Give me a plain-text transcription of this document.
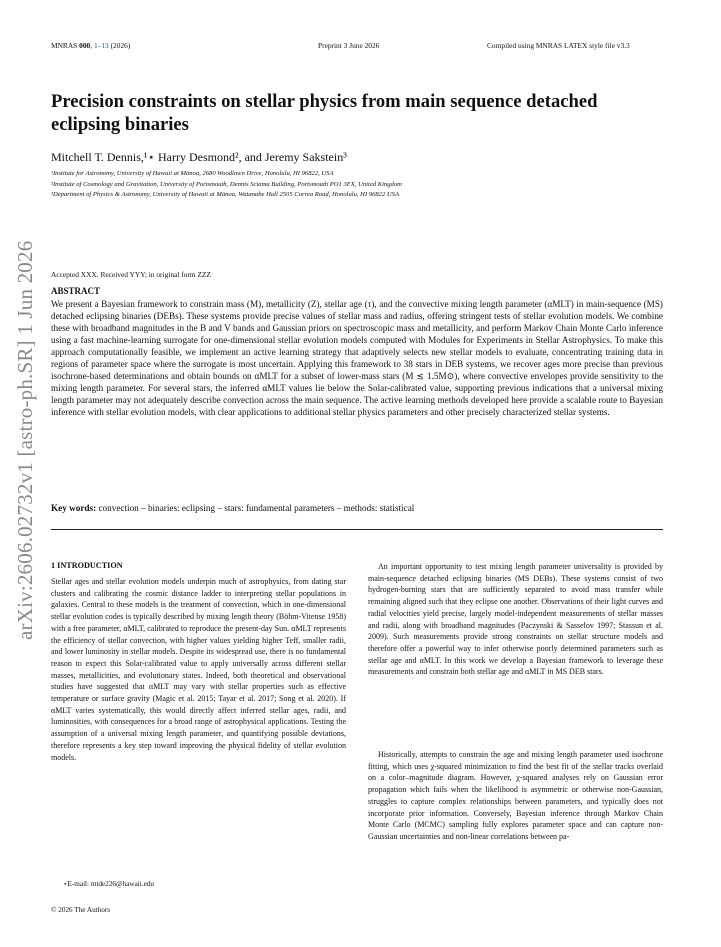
MNRAS 000, 1–13 (2026)	Preprint 3 June 2026	Compiled using MNRAS LATEX style file v3.3
Precision constraints on stellar physics from main sequence detached eclipsing binaries
Mitchell T. Dennis,¹⋆ Harry Desmond², and Jeremy Sakstein³
¹Institute for Astronomy, University of Hawaii at Mānoa, 2680 Woodlawn Drive, Honolulu, HI 96822, USA
²Institute of Cosmology and Gravitation, University of Portsmouth, Dennis Sciama Building, Portsmouth PO1 3FX, United Kingdom
³Department of Physics & Astronomy, University of Hawaii at Mānoa, Watanabe Hall 2505 Correa Road, Honolulu, HI 96822 USA
arXiv:2606.02732v1 [astro-ph.SR] 1 Jun 2026	Accepted XXX. Received YYY; in original form ZZZ
ABSTRACT
We present a Bayesian framework to constrain mass (M), metallicity (Z), stellar age (τ), and the convective mixing length parameter (αMLT) in main-sequence (MS) detached eclipsing binaries (DEBs). These systems provide precise values of stellar mass and radius, offering stringent tests of stellar evolution models. We combine these with broadband magnitudes in the B and V bands and Gaussian priors on spectroscopic mass and metallicity, and perform Markov Chain Monte Carlo inference using a fast machine-learning surrogate for one-dimensional stellar evolution models computed with Modules for Experiments in Stellar Astrophysics. To make this approach computationally feasible, we implement an active learning strategy that adaptively selects new stellar models to evaluate, concentrating training data in regions of parameter space where the surrogate is most uncertain. Applying this framework to 38 stars in DEB systems, we recover ages more precise than previous isochrone-based determinations and obtain bounds on αMLT for a subset of lower-mass stars (M ≲ 1.5M⊙), where convective envelopes provide sensitivity to the mixing length parameter. For several stars, the inferred αMLT values lie below the Solar-calibrated value, supporting previous indications that a universal mixing length parameter may not adequately describe convection across the main sequence. The active learning methods developed here provide a scalable route to Bayesian inference with stellar evolution models, with clear applications to additional stellar physics parameters and other precisely characterized stellar systems.
Key words: convection – binaries: eclipsing – stars: fundamental parameters – methods: statistical
1 INTRODUCTION
Stellar ages and stellar evolution models underpin much of astrophysics, from dating star clusters and calibrating the cosmic distance ladder to interpreting stellar populations in galaxies. Central to these models is the treatment of convection, which in one-dimensional stellar evolution codes is typically described by mixing length theory (Böhm-Vitense 1958) with a free parameter, αMLT, calibrated to reproduce the present-day Sun. αMLT represents the efficiency of stellar convection, with higher values yielding higher Teff, smaller radii, and lower luminosity in stellar models. Despite its widespread use, there is no fundamental reason to expect this Solar-calibrated value to apply universally across different stellar masses, metallicities, and evolutionary states. Indeed, both theoretical and observational studies have suggested that αMLT may vary with stellar properties such as effective temperature or surface gravity (Magic et al. 2015; Tayar et al. 2017; Song et al. 2020). If αMLT varies systematically, this would directly affect inferred stellar ages, radii, and luminosities, with consequences for a broad range of astrophysical applications. Testing the assumption of a universal mixing length parameter, and quantifying possible deviations, therefore represents a key step toward improving the physical fidelity of stellar evolution models.
An important opportunity to test mixing length parameter universality is provided by main-sequence detached eclipsing binaries (MS DEBs). These systems consist of two hydrogen-burning stars that are sufficiently separated to avoid mass transfer while remaining aligned such that they eclipse one another. Observations of their light curves and radial velocities yield precise, largely model-independent measurements of stellar masses and radii, along with broadband magnitudes (Paczynski & Sasselov 1997; Stassun et al. 2009). Such measurements provide strong constraints on stellar structure models and therefore offer a powerful way to infer otherwise poorly determined parameters such as stellar age and αMLT. In this work we develop a Bayesian framework to leverage these measurements and constrain both stellar age and αMLT in MS DEB stars.
Historically, attempts to constrain the age and mixing length parameter used isochrone fitting, which uses χ-squared minimization to find the best fit of the stellar tracks overlaid on a color–magnitude diagram. However, χ-squared analyses rely on Gaussian error propagation which fails when the likelihood is asymmetric or otherwise non-Gaussian, struggles to capture complex relationships between parameters, and typically does not incorporate prior information. Conversely, Bayesian inference through Markov Chain Monte Carlo (MCMC) sampling fully explores parameter space and can capture non-Gaussian uncertainties and non-linear correlations between pa-
⋆E-mail: mtde226@hawaii.edu
© 2026 The Authors
